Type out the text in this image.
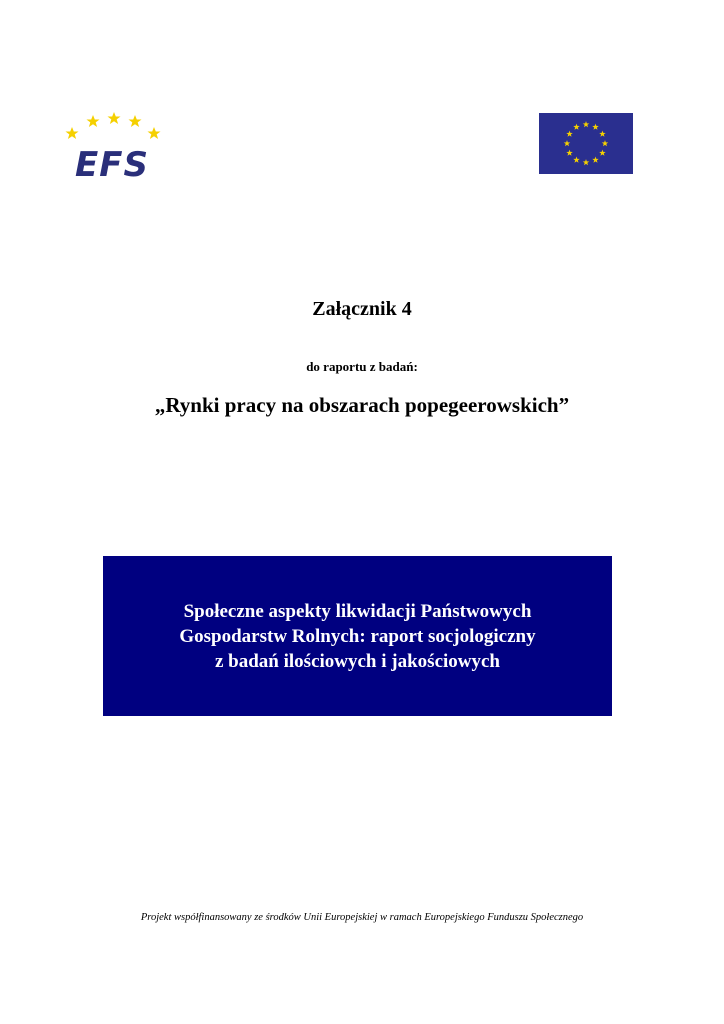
EFS
Załącznik 4
do raportu z badań:
„Rynki pracy na obszarach popegeerowskich”
Społeczne aspekty likwidacji Państwowych
Gospodarstw Rolnych: raport socjologiczny
z badań ilościowych i jakościowych
Projekt współfinansowany ze środków Unii Europejskiej w ramach Europejskiego Funduszu Społecznego
